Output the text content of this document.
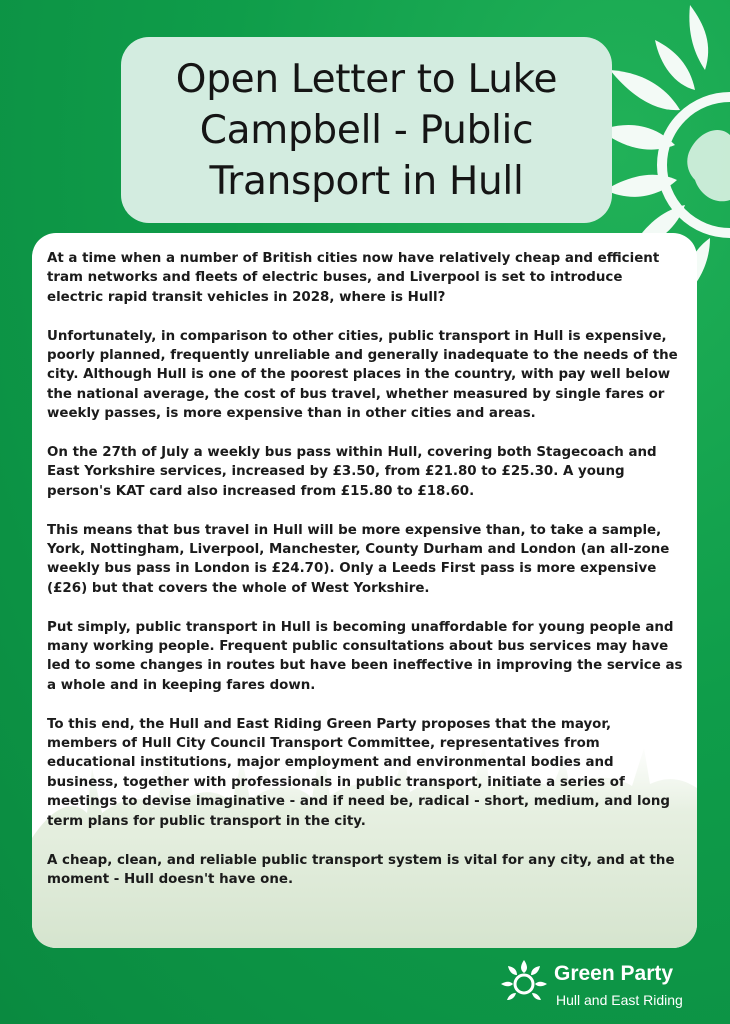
Open Letter to Luke
Campbell - Public
Transport in Hull

At a time when a number of British cities now have relatively cheap and efficient tram networks and fleets of electric buses, and Liverpool is set to introduce electric rapid transit vehicles in 2028, where is Hull?

Unfortunately, in comparison to other cities, public transport in Hull is expensive, poorly planned, frequently unreliable and generally inadequate to the needs of the city. Although Hull is one of the poorest places in the country, with pay well below the national average, the cost of bus travel, whether measured by single fares or weekly passes, is more expensive than in other cities and areas.

On the 27th of July a weekly bus pass within Hull, covering both Stagecoach and East Yorkshire services, increased by £3.50, from £21.80 to £25.30. A young person's KAT card also increased from £15.80 to £18.60.

This means that bus travel in Hull will be more expensive than, to take a sample, York, Nottingham, Liverpool, Manchester, County Durham and London (an all-zone weekly bus pass in London is £24.70). Only a Leeds First pass is more expensive (£26) but that covers the whole of West Yorkshire.

Put simply, public transport in Hull is becoming unaffordable for young people and many working people. Frequent public consultations about bus services may have led to some changes in routes but have been ineffective in improving the service as a whole and in keeping fares down.

To this end, the Hull and East Riding Green Party proposes that the mayor, members of Hull City Council Transport Committee, representatives from educational institutions, major employment and environmental bodies and business, together with professionals in public transport, initiate a series of meetings to devise imaginative - and if need be, radical - short, medium, and long term plans for public transport in the city.

A cheap, clean, and reliable public transport system is vital for any city, and at the moment - Hull doesn't have one.

Green Party
Hull and East Riding
